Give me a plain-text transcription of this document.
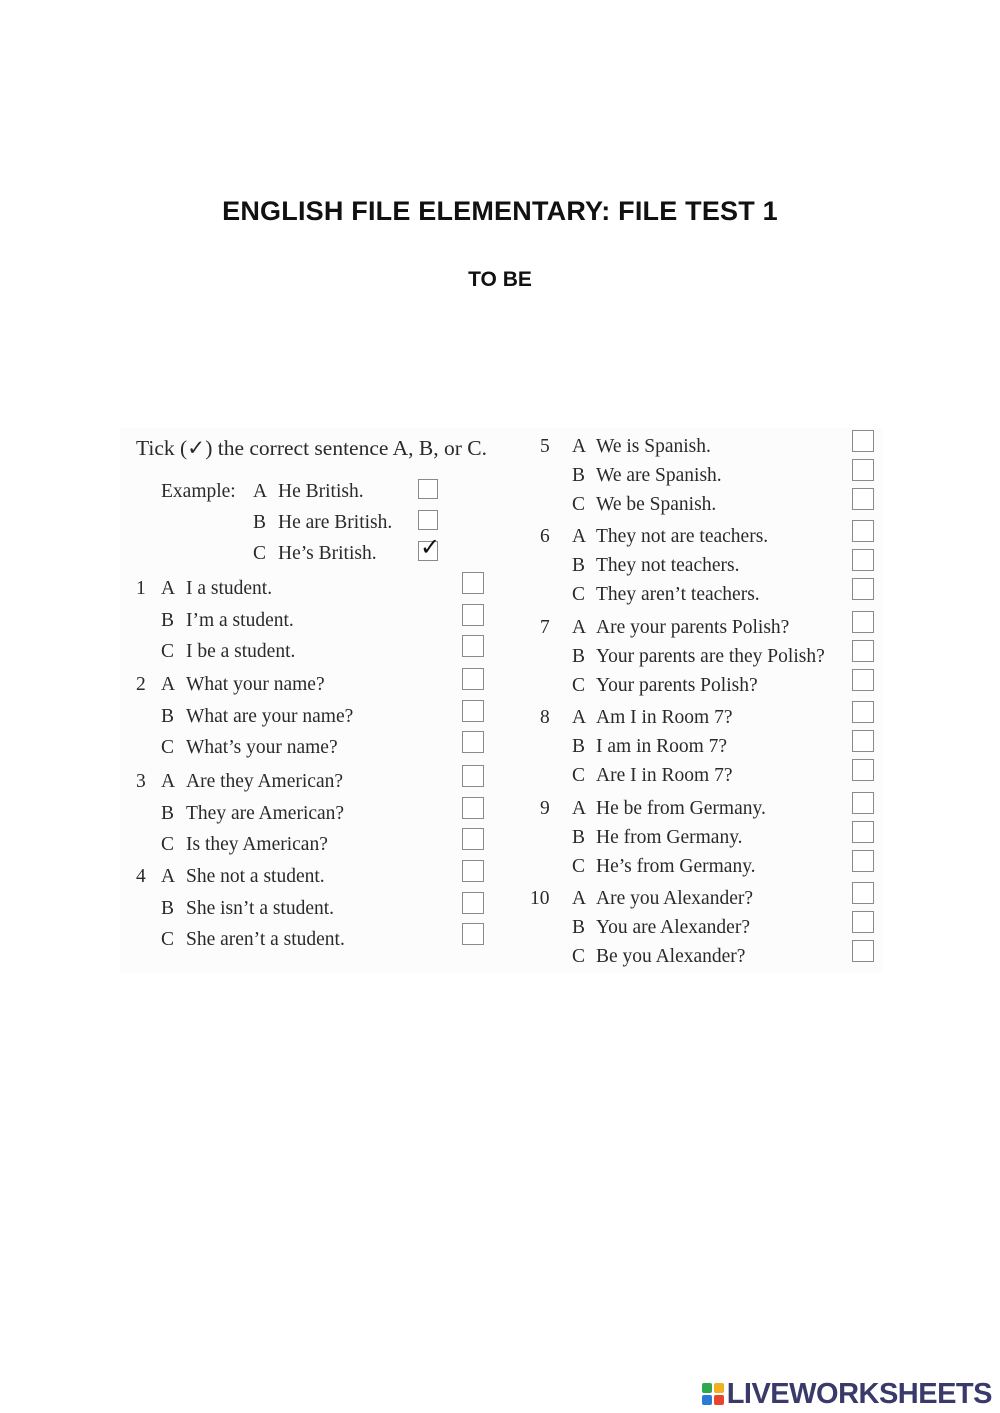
ENGLISH FILE ELEMENTARY: FILE TEST 1
TO BE
Tick (✓) the correct sentence A, B, or C.
Example: A He British.
B He are British.
C He’s British. ✓
1 A I a student.
B I’m a student.
C I be a student.
2 A What your name?
B What are your name?
C What’s your name?
3 A Are they American?
B They are American?
C Is they American?
4 A She not a student.
B She isn’t a student.
C She aren’t a student.
5 A We is Spanish.
B We are Spanish.
C We be Spanish.
6 A They not are teachers.
B They not teachers.
C They aren’t teachers.
7 A Are your parents Polish?
B Your parents are they Polish?
C Your parents Polish?
8 A Am I in Room 7?
B I am in Room 7?
C Are I in Room 7?
9 A He be from Germany.
B He from Germany.
C He’s from Germany.
10 A Are you Alexander?
B You are Alexander?
C Be you Alexander?
LIVEWORKSHEETS
